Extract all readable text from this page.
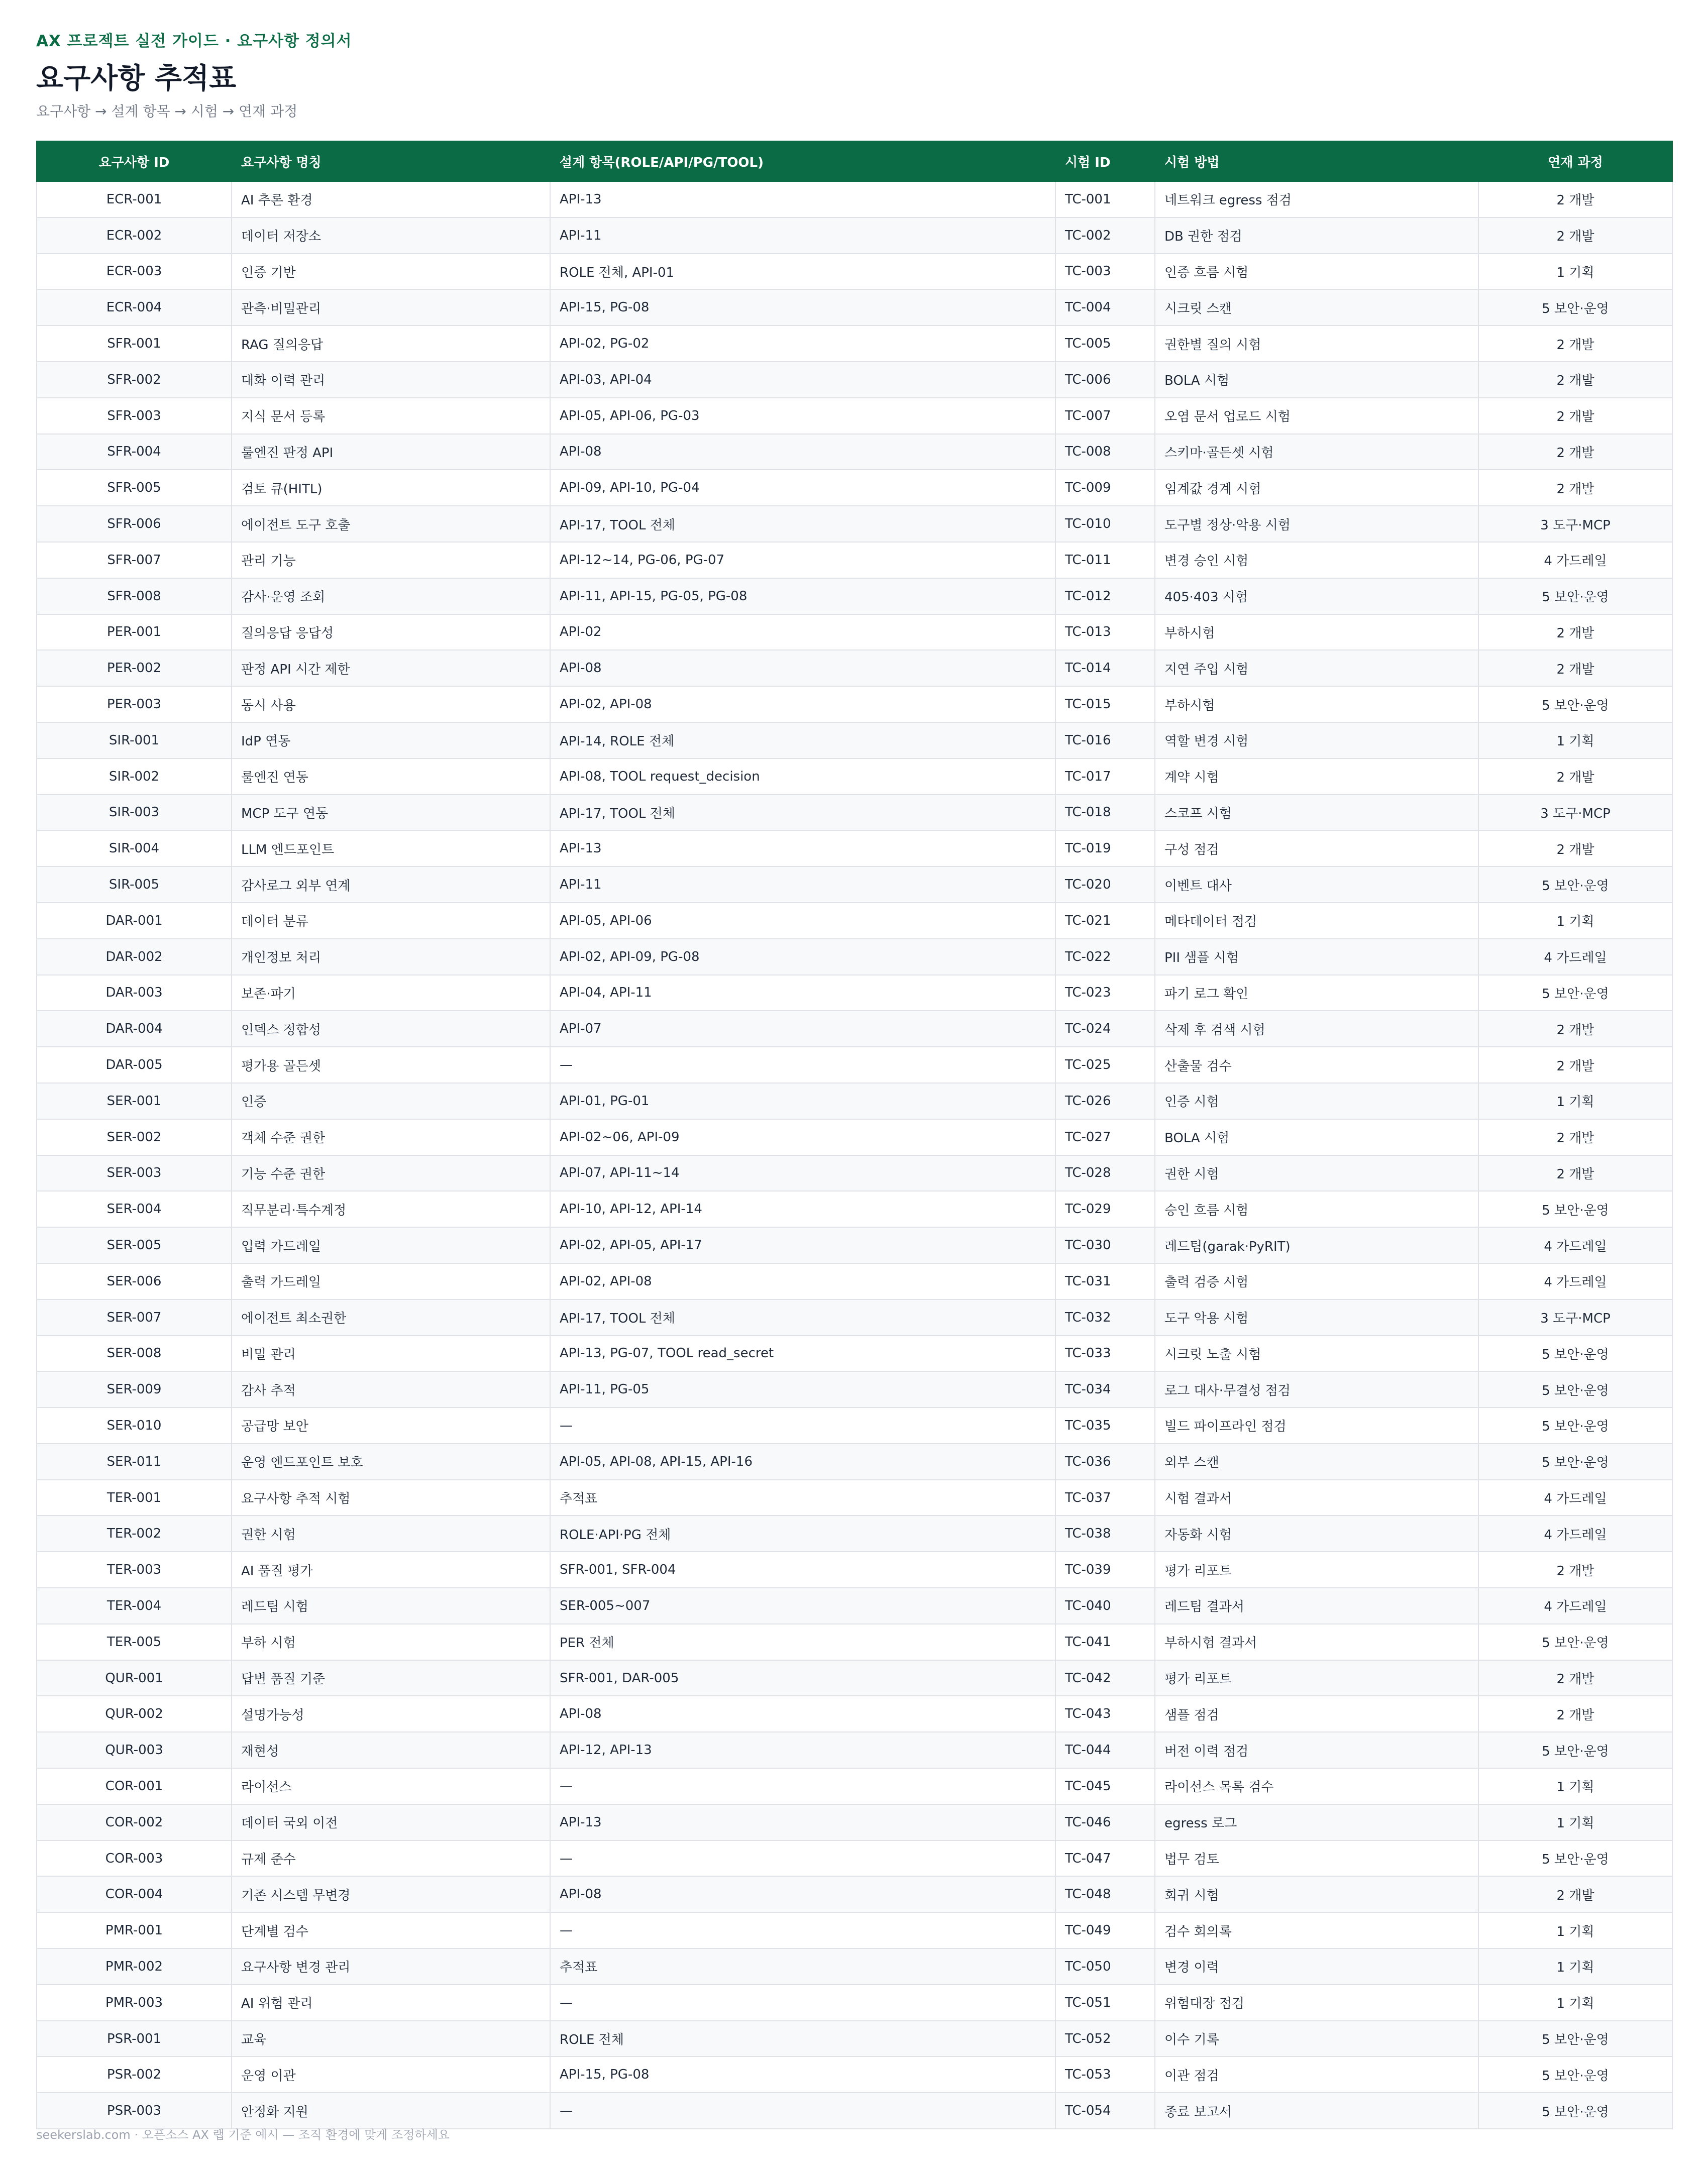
AX 프로젝트 실전 가이드 · 요구사항 정의서
요구사항 추적표
요구사항 → 설계 항목 → 시험 → 연재 과정
요구사항 ID	요구사항 명칭	설계 항목(ROLE/API/PG/TOOL)	시험 ID	시험 방법	연재 과정
ECR-001	AI 추론 환경	API-13	TC-001	네트워크 egress 점검	2 개발
ECR-002	데이터 저장소	API-11	TC-002	DB 권한 점검	2 개발
ECR-003	인증 기반	ROLE 전체, API-01	TC-003	인증 흐름 시험	1 기획
ECR-004	관측·비밀관리	API-15, PG-08	TC-004	시크릿 스캔	5 보안·운영
SFR-001	RAG 질의응답	API-02, PG-02	TC-005	권한별 질의 시험	2 개발
SFR-002	대화 이력 관리	API-03, API-04	TC-006	BOLA 시험	2 개발
SFR-003	지식 문서 등록	API-05, API-06, PG-03	TC-007	오염 문서 업로드 시험	2 개발
SFR-004	룰엔진 판정 API	API-08	TC-008	스키마·골든셋 시험	2 개발
SFR-005	검토 큐(HITL)	API-09, API-10, PG-04	TC-009	임계값 경계 시험	2 개발
SFR-006	에이전트 도구 호출	API-17, TOOL 전체	TC-010	도구별 정상·악용 시험	3 도구·MCP
SFR-007	관리 기능	API-12~14, PG-06, PG-07	TC-011	변경 승인 시험	4 가드레일
SFR-008	감사·운영 조회	API-11, API-15, PG-05, PG-08	TC-012	405·403 시험	5 보안·운영
PER-001	질의응답 응답성	API-02	TC-013	부하시험	2 개발
PER-002	판정 API 시간 제한	API-08	TC-014	지연 주입 시험	2 개발
PER-003	동시 사용	API-02, API-08	TC-015	부하시험	5 보안·운영
SIR-001	IdP 연동	API-14, ROLE 전체	TC-016	역할 변경 시험	1 기획
SIR-002	룰엔진 연동	API-08, TOOL request_decision	TC-017	계약 시험	2 개발
SIR-003	MCP 도구 연동	API-17, TOOL 전체	TC-018	스코프 시험	3 도구·MCP
SIR-004	LLM 엔드포인트	API-13	TC-019	구성 점검	2 개발
SIR-005	감사로그 외부 연계	API-11	TC-020	이벤트 대사	5 보안·운영
DAR-001	데이터 분류	API-05, API-06	TC-021	메타데이터 점검	1 기획
DAR-002	개인정보 처리	API-02, API-09, PG-08	TC-022	PII 샘플 시험	4 가드레일
DAR-003	보존·파기	API-04, API-11	TC-023	파기 로그 확인	5 보안·운영
DAR-004	인덱스 정합성	API-07	TC-024	삭제 후 검색 시험	2 개발
DAR-005	평가용 골든셋	—	TC-025	산출물 검수	2 개발
SER-001	인증	API-01, PG-01	TC-026	인증 시험	1 기획
SER-002	객체 수준 권한	API-02~06, API-09	TC-027	BOLA 시험	2 개발
SER-003	기능 수준 권한	API-07, API-11~14	TC-028	권한 시험	2 개발
SER-004	직무분리·특수계정	API-10, API-12, API-14	TC-029	승인 흐름 시험	5 보안·운영
SER-005	입력 가드레일	API-02, API-05, API-17	TC-030	레드팀(garak·PyRIT)	4 가드레일
SER-006	출력 가드레일	API-02, API-08	TC-031	출력 검증 시험	4 가드레일
SER-007	에이전트 최소권한	API-17, TOOL 전체	TC-032	도구 악용 시험	3 도구·MCP
SER-008	비밀 관리	API-13, PG-07, TOOL read_secret	TC-033	시크릿 노출 시험	5 보안·운영
SER-009	감사 추적	API-11, PG-05	TC-034	로그 대사·무결성 점검	5 보안·운영
SER-010	공급망 보안	—	TC-035	빌드 파이프라인 점검	5 보안·운영
SER-011	운영 엔드포인트 보호	API-05, API-08, API-15, API-16	TC-036	외부 스캔	5 보안·운영
TER-001	요구사항 추적 시험	추적표	TC-037	시험 결과서	4 가드레일
TER-002	권한 시험	ROLE·API·PG 전체	TC-038	자동화 시험	4 가드레일
TER-003	AI 품질 평가	SFR-001, SFR-004	TC-039	평가 리포트	2 개발
TER-004	레드팀 시험	SER-005~007	TC-040	레드팀 결과서	4 가드레일
TER-005	부하 시험	PER 전체	TC-041	부하시험 결과서	5 보안·운영
QUR-001	답변 품질 기준	SFR-001, DAR-005	TC-042	평가 리포트	2 개발
QUR-002	설명가능성	API-08	TC-043	샘플 점검	2 개발
QUR-003	재현성	API-12, API-13	TC-044	버전 이력 점검	5 보안·운영
COR-001	라이선스	—	TC-045	라이선스 목록 검수	1 기획
COR-002	데이터 국외 이전	API-13	TC-046	egress 로그	1 기획
COR-003	규제 준수	—	TC-047	법무 검토	5 보안·운영
COR-004	기존 시스템 무변경	API-08	TC-048	회귀 시험	2 개발
PMR-001	단계별 검수	—	TC-049	검수 회의록	1 기획
PMR-002	요구사항 변경 관리	추적표	TC-050	변경 이력	1 기획
PMR-003	AI 위험 관리	—	TC-051	위험대장 점검	1 기획
PSR-001	교육	ROLE 전체	TC-052	이수 기록	5 보안·운영
PSR-002	운영 이관	API-15, PG-08	TC-053	이관 점검	5 보안·운영
PSR-003	안정화 지원	—	TC-054	종료 보고서	5 보안·운영
seekerslab.com · 오픈소스 AX 랩 기준 예시 — 조직 환경에 맞게 조정하세요
